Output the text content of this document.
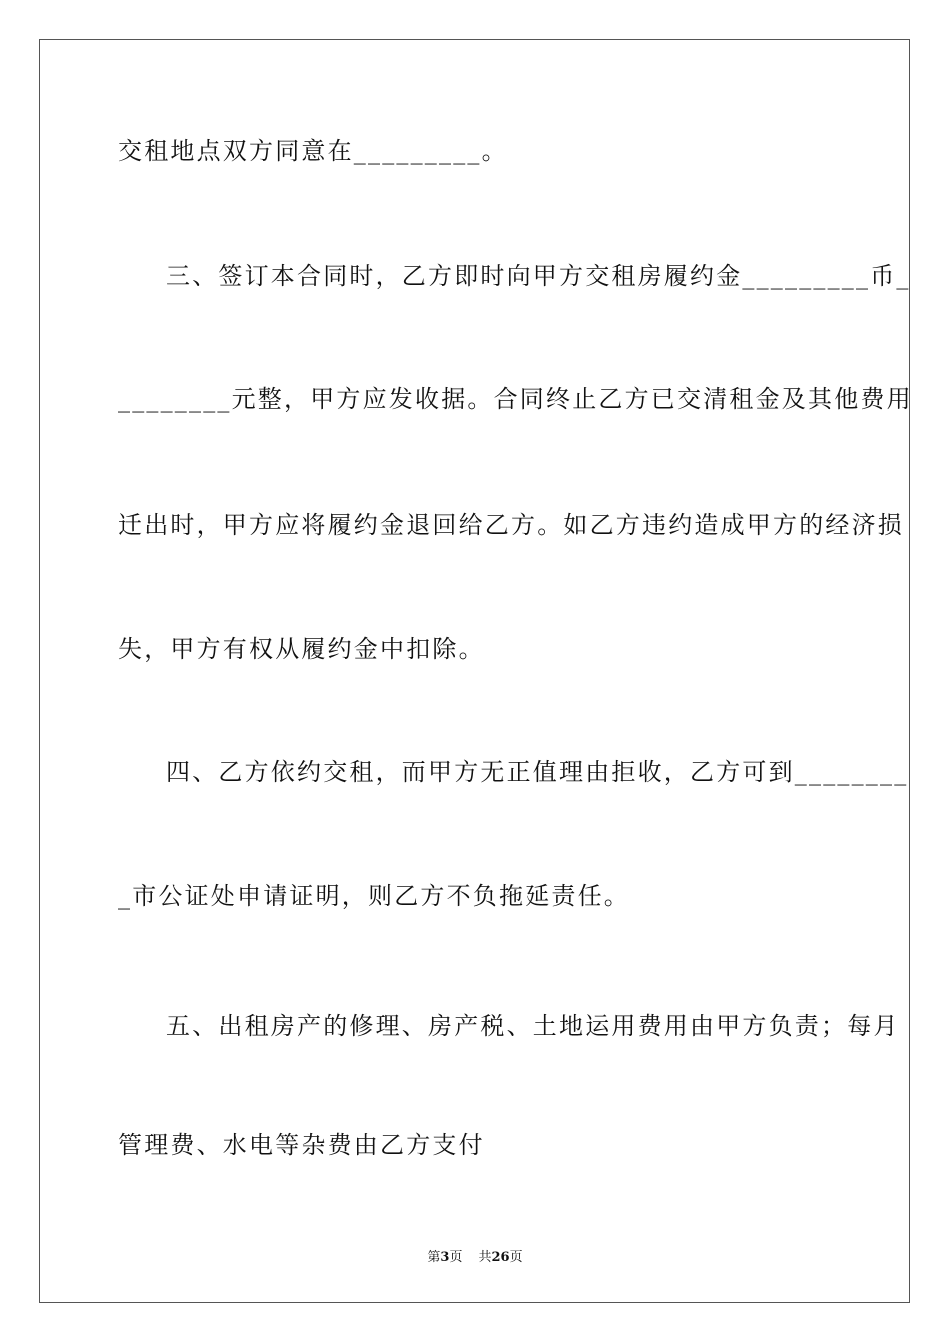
交租地点双方同意在_________。
三、签订本合同时，乙方即时向甲方交租房履约金_________币_
________元整，甲方应发收据。合同终止乙方已交清租金及其他费用
迁出时，甲方应将履约金退回给乙方。如乙方违约造成甲方的经济损
失，甲方有权从履约金中扣除。
四、乙方依约交租，而甲方无正值理由拒收，乙方可到________
_市公证处申请证明，则乙方不负拖延责任。
五、出租房产的修理、房产税、土地运用费用由甲方负责；每月
管理费、水电等杂费由乙方支付
第3页 共26页
